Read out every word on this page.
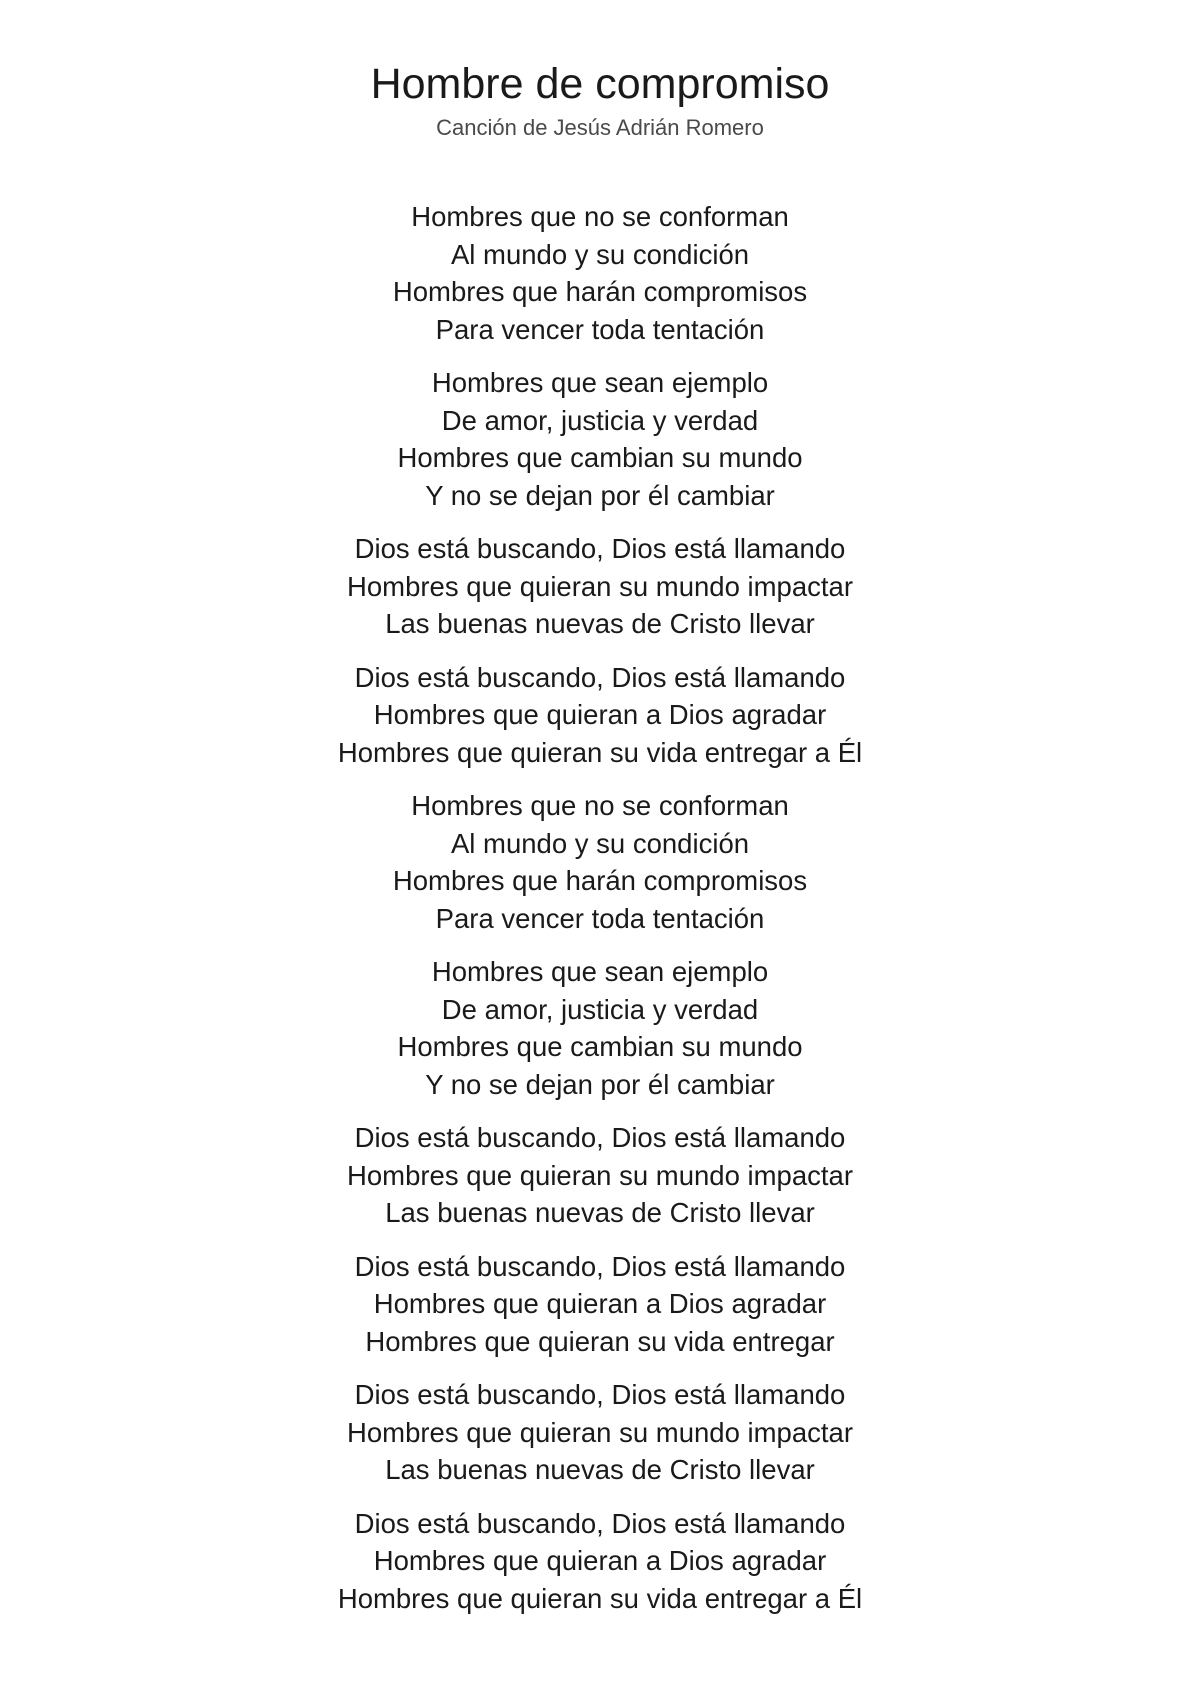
Hombre de compromiso
Canción de Jesús Adrián Romero
Hombres que no se conforman
Al mundo y su condición
Hombres que harán compromisos
Para vencer toda tentación
Hombres que sean ejemplo
De amor, justicia y verdad
Hombres que cambian su mundo
Y no se dejan por él cambiar
Dios está buscando, Dios está llamando
Hombres que quieran su mundo impactar
Las buenas nuevas de Cristo llevar
Dios está buscando, Dios está llamando
Hombres que quieran a Dios agradar
Hombres que quieran su vida entregar a Él
Hombres que no se conforman
Al mundo y su condición
Hombres que harán compromisos
Para vencer toda tentación
Hombres que sean ejemplo
De amor, justicia y verdad
Hombres que cambian su mundo
Y no se dejan por él cambiar
Dios está buscando, Dios está llamando
Hombres que quieran su mundo impactar
Las buenas nuevas de Cristo llevar
Dios está buscando, Dios está llamando
Hombres que quieran a Dios agradar
Hombres que quieran su vida entregar
Dios está buscando, Dios está llamando
Hombres que quieran su mundo impactar
Las buenas nuevas de Cristo llevar
Dios está buscando, Dios está llamando
Hombres que quieran a Dios agradar
Hombres que quieran su vida entregar a Él
